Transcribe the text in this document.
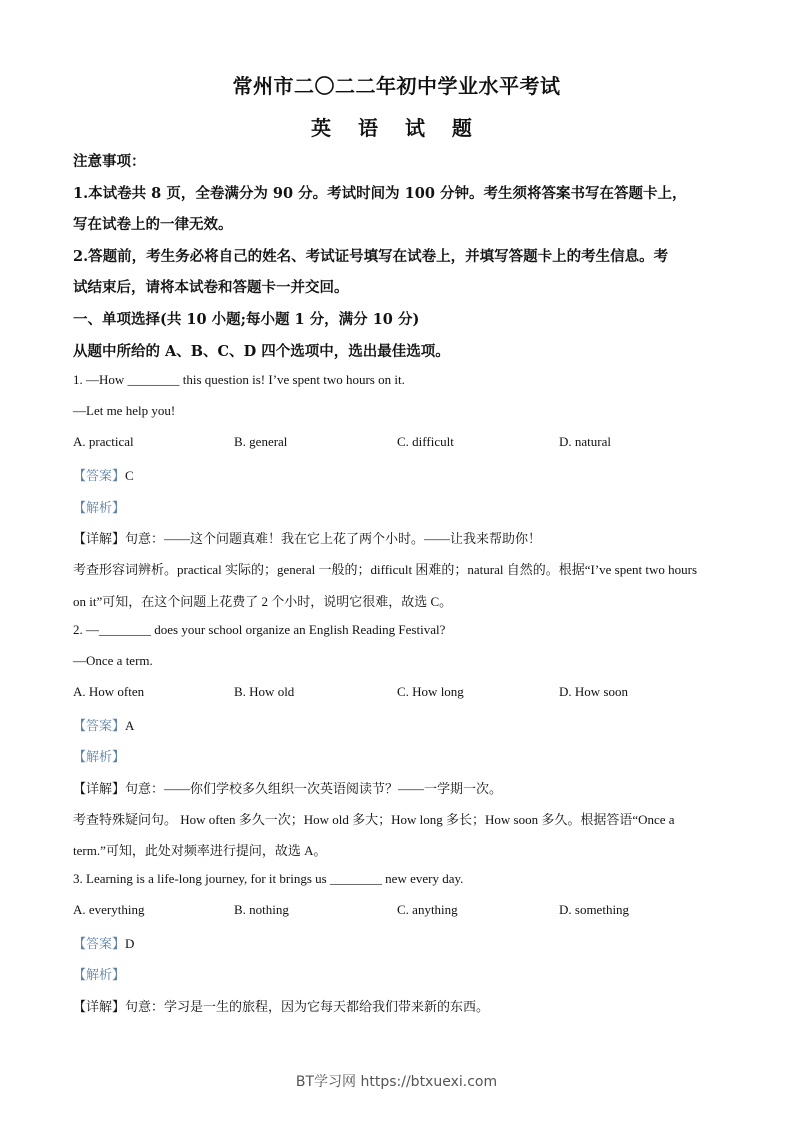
常州市二〇二二年初中学业水平考试
英 语 试 题
注意事项：
1.本试卷共 8 页，全卷满分为 90 分。考试时间为 100 分钟。考生须将答案书写在答题卡上，
写在试卷上的一律无效。
2.答题前，考生务必将自己的姓名、考试证号填写在试卷上，并填写答题卡上的考生信息。考
试结束后，请将本试卷和答题卡一并交回。
一、单项选择(共 10 小题;每小题 1 分，满分 10 分)
从题中所给的 A、B、C、D 四个选项中，选出最佳选项。
1. —How ________ this question is! I’ve spent two hours on it.
—Let me help you!
A. practical	B. general	C. difficult	D. natural
【答案】C
【解析】
【详解】句意：——这个问题真难！我在它上花了两个小时。——让我来帮助你！
考查形容词辨析。practical 实际的；general 一般的；difficult 困难的；natural 自然的。根据“I’ve spent two hours
on it”可知，在这个问题上花费了 2 个小时，说明它很难，故选 C。
2. —________ does your school organize an English Reading Festival?
—Once a term.
A. How often	B. How old	C. How long	D. How soon
【答案】A
【解析】
【详解】句意：——你们学校多久组织一次英语阅读节？——一学期一次。
考查特殊疑问句。 How often 多久一次；How old 多大；How long 多长；How soon 多久。根据答语“Once a
term.”可知，此处对频率进行提问，故选 A。
3. Learning is a life-long journey, for it brings us ________ new every day.
A. everything	B. nothing	C. anything	D. something
【答案】D
【解析】
【详解】句意：学习是一生的旅程，因为它每天都给我们带来新的东西。
BT学习网 https://btxuexi.com
